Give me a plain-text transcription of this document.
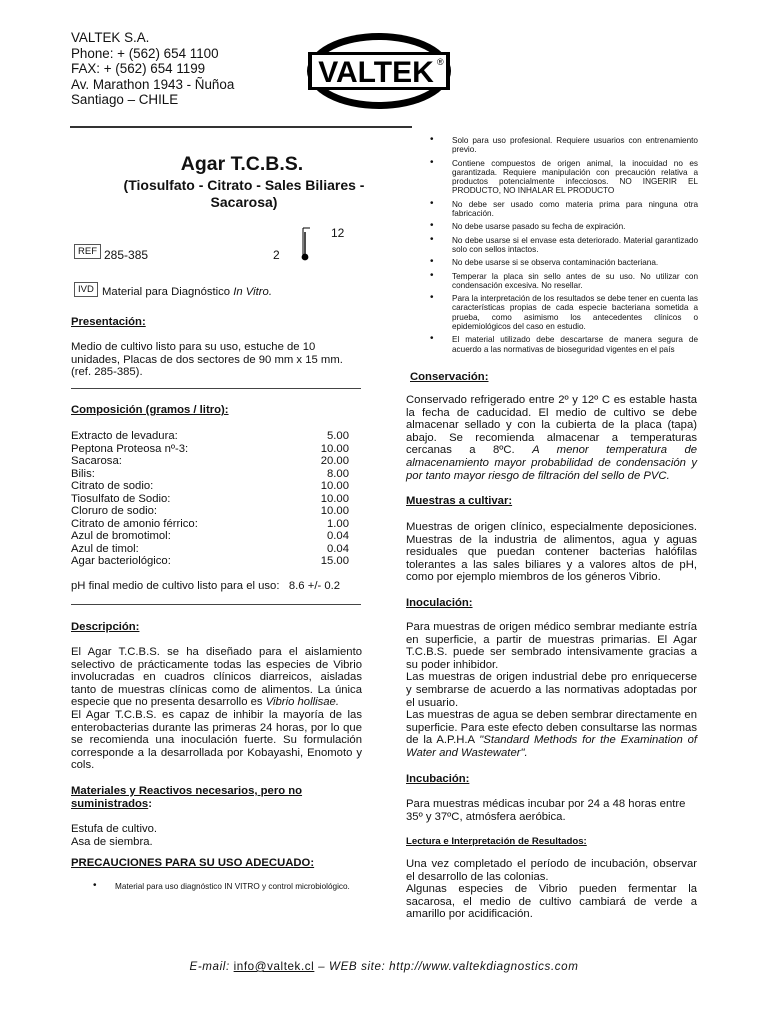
VALTEK S.A.
Phone: + (562) 654 1100
FAX: + (562) 654 1199
Av. Marathon 1943 - Ñuñoa
Santiago – CHILE
VALTEK ®
Agar T.C.B.S.
(Tiosulfato - Citrato - Sales Biliares -
Sacarosa)
REF 285-385	2
12
IVD Material para Diagnóstico In Vitro.
Presentación:
Medio de cultivo listo para su uso, estuche de 10 unidades, Placas de dos sectores de 90 mm x 15 mm. (ref. 285-385).
Composición (gramos / litro):
Extracto de levadura:	5.00
Peptona Proteosa nº-3:	10.00
Sacarosa:	20.00
Bilis:	8.00
Citrato de sodio:	10.00
Tiosulfato de Sodio:	10.00
Cloruro de sodio:	10.00
Citrato de amonio férrico:	1.00
Azul de bromotimol:	0.04
Azul de timol:	0.04
Agar bacteriológico:	15.00
pH final medio de cultivo listo para el uso:   8.6 +/- 0.2
Descripción:
El Agar T.C.B.S. se ha diseñado para el aislamiento selectivo de prácticamente todas las especies de Vibrio involucradas en cuadros clínicos diarreicos, aisladas tanto de muestras clínicas como de alimentos. La única especie que no presenta desarrollo es Vibrio hollisae.
El Agar T.C.B.S. es capaz de inhibir la mayoría de las enterobacterias durante las primeras 24 horas, por lo que se recomienda una inoculación fuerte. Su formulación corresponde a la desarrollada por Kobayashi, Enomoto y cols.
Materiales y Reactivos necesarios, pero no
suministrados:
Estufa de cultivo.
Asa de siembra.
PRECAUCIONES PARA SU USO ADECUADO:
• Material para uso diagnóstico IN VITRO y control microbiológico.
• Solo para uso profesional. Requiere usuarios con entrenamiento previo.
• Contiene compuestos de origen animal, la inocuidad no es garantizada. Requiere manipulación con precaución relativa a productos potencialmente infecciosos. NO INGERIR EL PRODUCTO, NO INHALAR EL PRODUCTO
• No debe ser usado como materia prima para ninguna otra fabricación.
• No debe usarse pasado su fecha de expiración.
• No debe usarse si el envase esta deteriorado. Material garantizado solo con sellos intactos.
• No debe usarse si se observa contaminación bacteriana.
• Temperar la placa sin sello antes de su uso. No utilizar con condensación excesiva. No resellar.
• Para la interpretación de los resultados se debe tener en cuenta las características propias de cada especie bacteriana sometida a prueba, como asimismo los antecedentes clínicos o epidemiológicos del caso en estudio.
• El material utilizado debe descartarse de manera segura de acuerdo a las normativas de bioseguridad vigentes en el país
Conservación:
Conservado refrigerado entre 2º y 12º C es estable hasta la fecha de caducidad. El medio de cultivo se debe almacenar sellado y con la cubierta de la placa (tapa) abajo. Se recomienda almacenar a temperaturas cercanas a 8ºC. A menor temperatura de almacenamiento mayor probabilidad de condensación y por tanto mayor riesgo de filtración del sello de PVC.
Muestras a cultivar:
Muestras de origen clínico, especialmente deposiciones. Muestras de la industria de alimentos, agua y aguas residuales que puedan contener bacterias halófilas tolerantes a las sales biliares y a valores altos de pH, como por ejemplo miembros de los géneros Vibrio.
Inoculación:
Para muestras de origen médico sembrar mediante estría en superficie, a partir de muestras primarias. El Agar T.C.B.S. puede ser sembrado intensivamente gracias a su poder inhibidor.
Las muestras de origen industrial debe pro enriquecerse y sembrarse de acuerdo a las normativas adoptadas por el usuario.
Las muestras de agua se deben sembrar directamente en superficie. Para este efecto deben consultarse las normas de la A.P.H.A "Standard Methods for the Examination of Water and Wastewater".
Incubación:
Para muestras médicas incubar por 24 a 48 horas entre 35º y 37ºC, atmósfera aeróbica.
Lectura e Interpretación de Resultados:
Una vez completado el período de incubación, observar el desarrollo de las colonias.
Algunas especies de Vibrio pueden fermentar la sacarosa, el medio de cultivo cambiará de verde a amarillo por acidificación.
E-mail: info@valtek.cl – WEB site: http://www.valtekdiagnostics.com
